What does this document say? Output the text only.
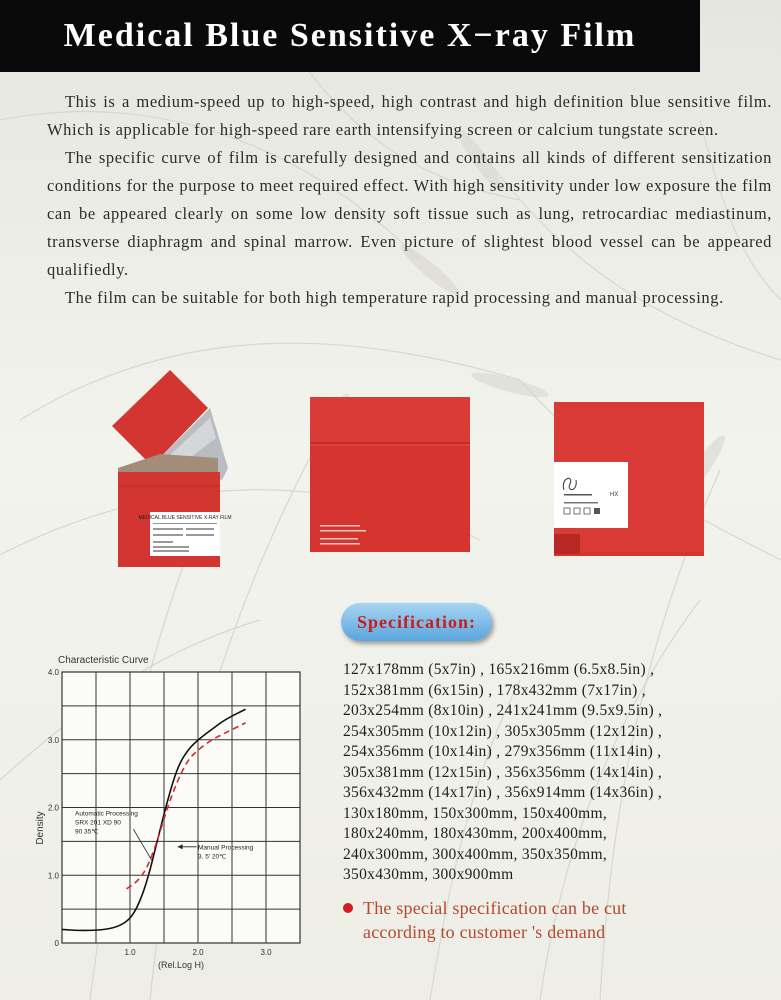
Medical Blue Sensitive X−ray Film

This is a medium-speed up to high-speed, high contrast and high definition blue sensitive film. Which is applicable for high-speed rare earth intensifying screen or calcium tungstate screen.

The specific curve of film is carefully designed and contains all kinds of different sensitization conditions for the purpose to meet required effect. With high sensitivity under low exposure the film can be appeared clearly on some low density soft tissue such as lung, retrocardiac mediastinum, transverse diaphragm and spinal marrow. Even picture of slightest blood vessel can be appeared qualifiedly.

The film can be suitable for both high temperature rapid processing and manual processing.

MEDICAL BLUE SENSITIVE X-RAY FILM
HX
Specification:
Characteristic Curve
1.0
2.0
3.0
4.0
0
1.0	2.0	3.0
Automatic Processing
SRX 201 XD 90
90 35℃
Manual Processing
3. 5′ 20℃
Density
(Rel.Log H)
127x178mm (5x7in) , 165x216mm (6.5x8.5in) ,
152x381mm (6x15in) , 178x432mm (7x17in) ,
203x254mm (8x10in) , 241x241mm (9.5x9.5in) ,
254x305mm (10x12in) , 305x305mm (12x12in) ,
254x356mm (10x14in) , 279x356mm (11x14in) ,
305x381mm (12x15in) , 356x356mm (14x14in) ,
356x432mm (14x17in) , 356x914mm (14x36in) ,
130x180mm, 150x300mm, 150x400mm,
180x240mm, 180x430mm, 200x400mm,
240x300mm, 300x400mm, 350x350mm,
350x430mm, 300x900mm
The special specification can be cut according to customer 's demand
